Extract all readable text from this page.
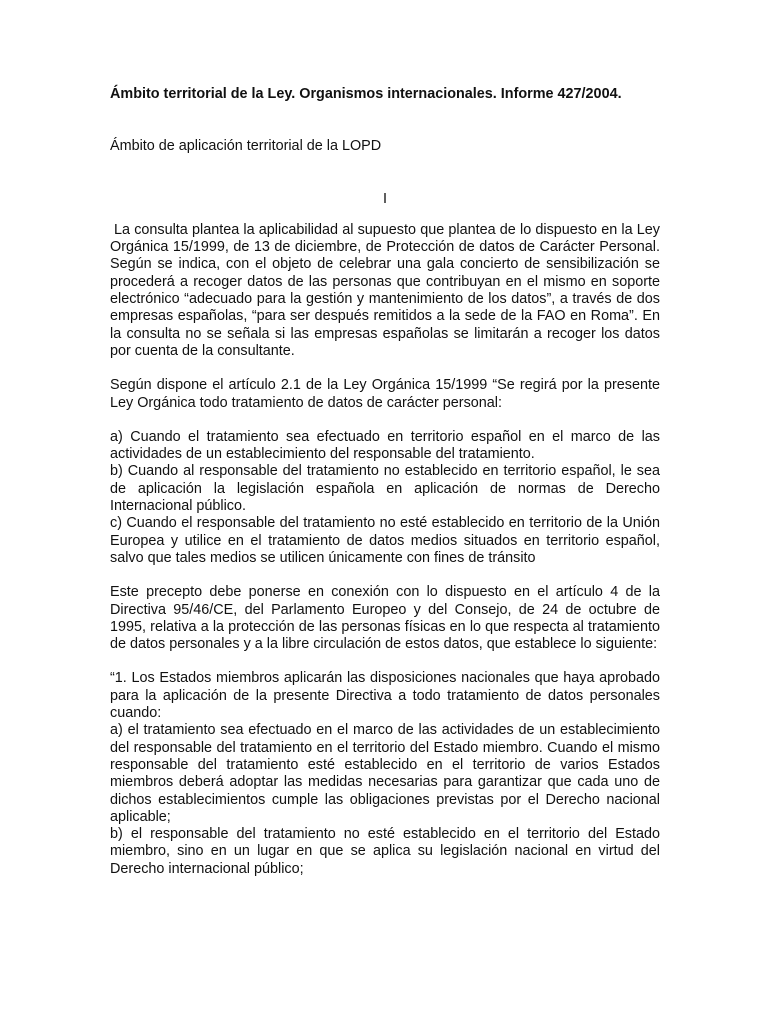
Ámbito territorial de la Ley. Organismos internacionales. Informe 427/2004.

Ámbito de aplicación territorial de la LOPD

I

La consulta plantea la aplicabilidad al supuesto que plantea de lo dispuesto en la Ley Orgánica 15/1999, de 13 de diciembre, de Protección de datos de Carácter Personal. Según se indica, con el objeto de celebrar una gala concierto de sensibilización se procederá a recoger datos de las personas que contribuyan en el mismo en soporte electrónico “adecuado para la gestión y mantenimiento de los datos”, a través de dos empresas españolas, “para ser después remitidos a la sede de la FAO en Roma”. En la consulta no se señala si las empresas españolas se limitarán a recoger los datos por cuenta de la consultante.

Según dispone el artículo 2.1 de la Ley Orgánica 15/1999 “Se regirá por la presente Ley Orgánica todo tratamiento de datos de carácter personal:

a) Cuando el tratamiento sea efectuado en territorio español en el marco de las actividades de un establecimiento del responsable del tratamiento.

b) Cuando al responsable del tratamiento no establecido en territorio español, le sea de aplicación la legislación española en aplicación de normas de Derecho Internacional público.

c) Cuando el responsable del tratamiento no esté establecido en territorio de la Unión Europea y utilice en el tratamiento de datos medios situados en territorio español, salvo que tales medios se utilicen únicamente con fines de tránsito

Este precepto debe ponerse en conexión con lo dispuesto en el artículo 4 de la Directiva 95/46/CE, del Parlamento Europeo y del Consejo, de 24 de octubre de 1995, relativa a la protección de las personas físicas en lo que respecta al tratamiento de datos personales y a la libre circulación de estos datos, que establece lo siguiente:

“1. Los Estados miembros aplicarán las disposiciones nacionales que haya aprobado para la aplicación de la presente Directiva a todo tratamiento de datos personales cuando:

a) el tratamiento sea efectuado en el marco de las actividades de un establecimiento del responsable del tratamiento en el territorio del Estado miembro. Cuando el mismo responsable del tratamiento esté establecido en el territorio de varios Estados miembros deberá adoptar las medidas necesarias para garantizar que cada uno de dichos establecimientos cumple las obligaciones previstas por el Derecho nacional aplicable;

b) el responsable del tratamiento no esté establecido en el territorio del Estado miembro, sino en un lugar en que se aplica su legislación nacional en virtud del Derecho internacional público;
